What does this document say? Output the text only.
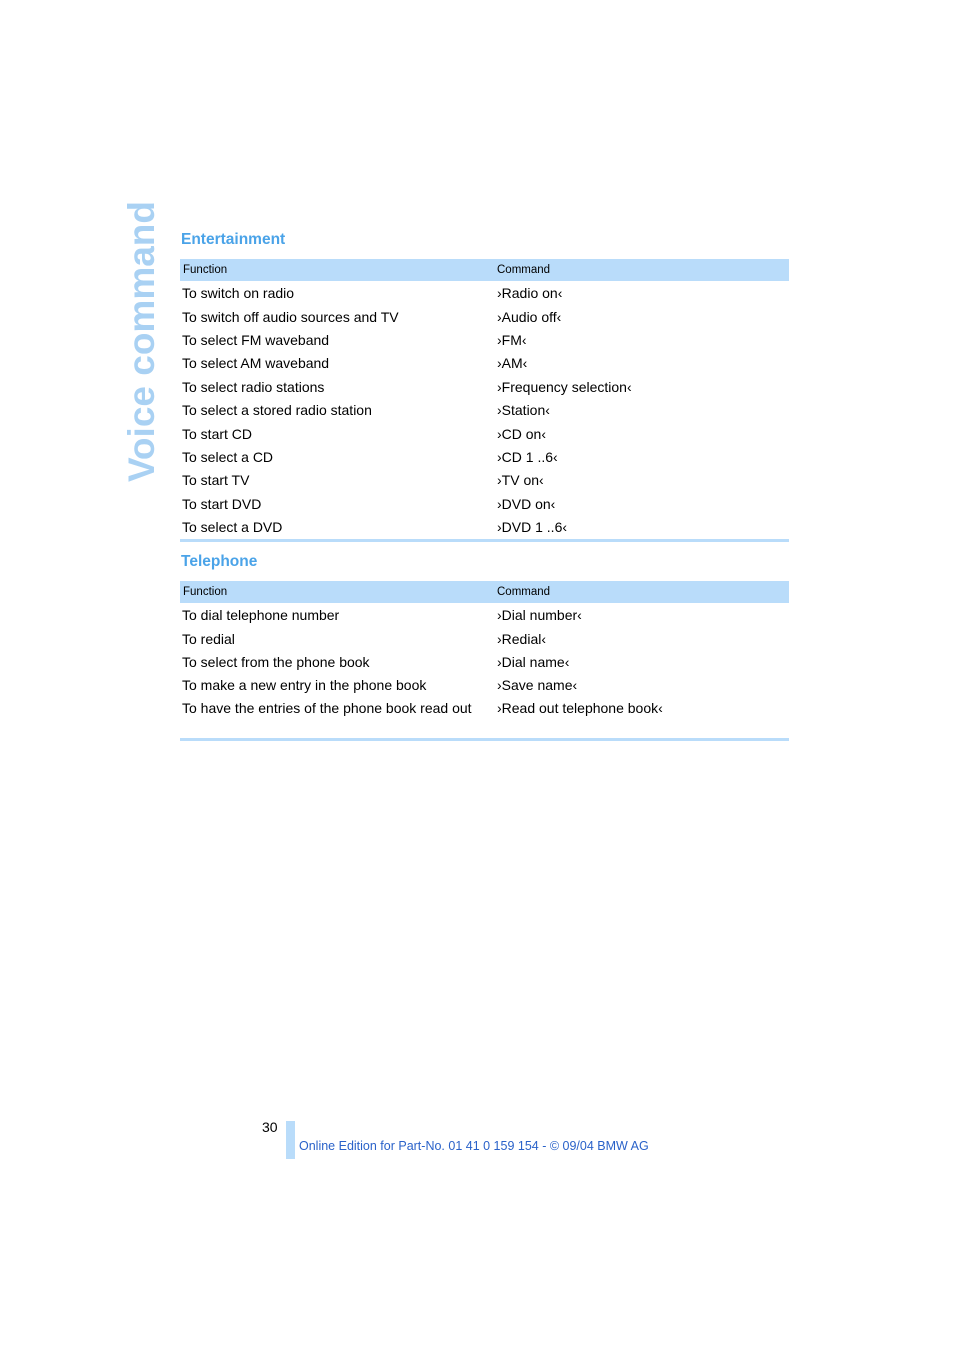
Voice command Entertainment
Function	Command
To switch on radio	›Radio on‹
To switch off audio sources and TV	›Audio off‹
To select FM waveband	›FM‹
To select AM waveband	›AM‹
To select radio stations	›Frequency selection‹
To select a stored radio station	›Station‹
To start CD	›CD on‹
To select a CD	›CD 1 ..6‹
To start TV	›TV on‹
To start DVD	›DVD on‹
To select a DVD	›DVD 1 ..6‹
Telephone
Function	Command
To dial telephone number	›Dial number‹
To redial	›Redial‹
To select from the phone book	›Dial name‹
To make a new entry in the phone book	›Save name‹
To have the entries of the phone book read out	›Read out telephone book‹
30
Online Edition for Part-No. 01 41 0 159 154 - © 09/04 BMW AG
